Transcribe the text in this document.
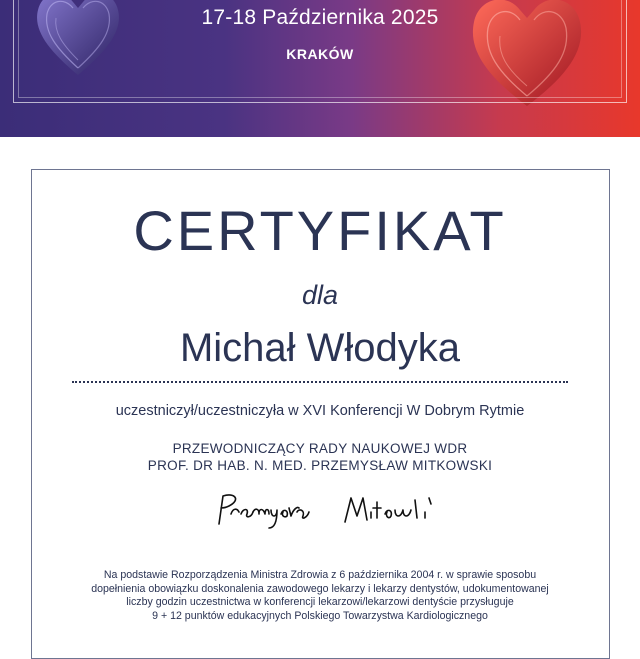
17-18 Października 2025
KRAKÓW
CERTYFIKAT
dla
Michał Włodyka
uczestniczył/uczestniczyła w XVI Konferencji W Dobrym Rytmie
PRZEWODNICZĄCY RADY NAUKOWEJ WDR
PROF. DR HAB. N. MED. PRZEMYSŁAW MITKOWSKI
Na podstawie Rozporządzenia Ministra Zdrowia z 6 października 2004 r. w sprawie sposobu
dopełnienia obowiązku doskonalenia zawodowego lekarzy i lekarzy dentystów, udokumentowanej
liczby godzin uczestnictwa w konferencji lekarzowi/lekarzowi dentyście przysługuje
9 + 12 punktów edukacyjnych Polskiego Towarzystwa Kardiologicznego
